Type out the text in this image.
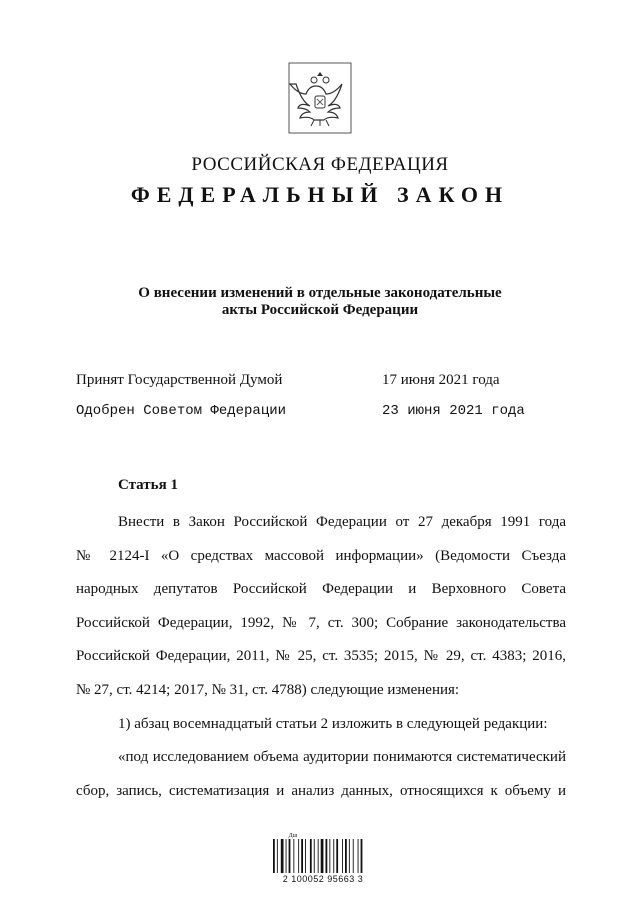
РОССИЙСКАЯ ФЕДЕРАЦИЯ
ФЕДЕРАЛЬНЫЙ ЗАКОН
О внесении изменений в отдельные законодательные
акты Российской Федерации
Принят Государственной Думой	17 июня 2021 года
Одобрен Советом Федерации	23 июня 2021 года
Статья 1
Внести в Закон Российской Федерации от 27 декабря 1991 года
№ 2124-I «О средствах массовой информации» (Ведомости Съезда
народных депутатов Российской Федерации и Верховного Совета
Российской Федерации, 1992, № 7, ст. 300; Собрание законодательства
Российской Федерации, 2011, № 25, ст. 3535; 2015, № 29, ст. 4383; 2016,
№ 27, ст. 4214; 2017, № 31, ст. 4788) следующие изменения:
1) абзац восемнадцатый статьи 2 изложить в следующей редакции:
«под исследованием объема аудитории понимаются систематический
сбор, запись, систематизация и анализ данных, относящихся к объему и
Дш
2 100052 95663 3
